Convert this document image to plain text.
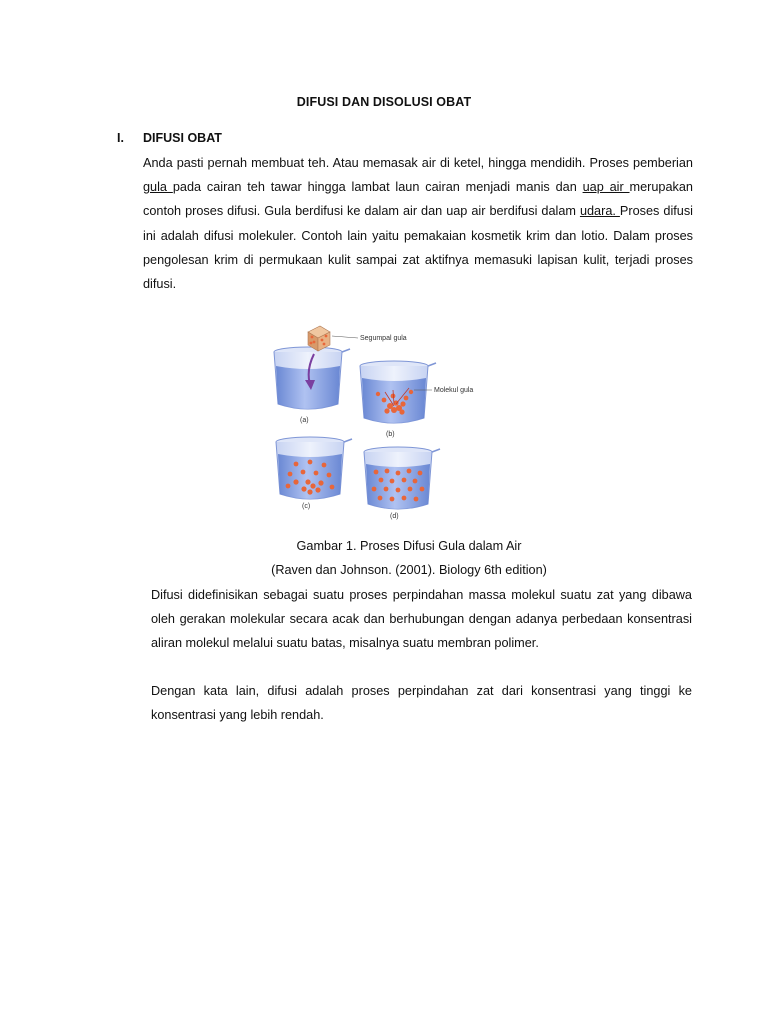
DIFUSI DAN DISOLUSI OBAT
I. DIFUSI OBAT
Anda pasti pernah membuat teh. Atau memasak air di ketel, hingga mendidih. Proses pemberian gula pada cairan teh tawar hingga lambat laun cairan menjadi manis dan uap air merupakan contoh proses difusi. Gula berdifusi ke dalam air dan uap air berdifusi dalam udara. Proses difusi ini adalah difusi molekuler. Contoh lain yaitu pemakaian kosmetik krim dan lotio. Dalam proses pengolesan krim di permukaan kulit sampai zat aktifnya memasuki lapisan kulit, terjadi proses difusi.
Segumpal gula
(a)
Molekul gula
(b)
(c)
(d)
Gambar 1. Proses Difusi Gula dalam Air
(Raven dan Johnson. (2001). Biology 6th edition)
Difusi didefinisikan sebagai suatu proses perpindahan massa molekul suatu zat yang dibawa oleh gerakan molekular secara acak dan berhubungan dengan adanya perbedaan konsentrasi aliran molekul melalui suatu batas, misalnya suatu membran polimer.
Dengan kata lain, difusi adalah proses perpindahan zat dari konsentrasi yang tinggi ke konsentrasi yang lebih rendah.
